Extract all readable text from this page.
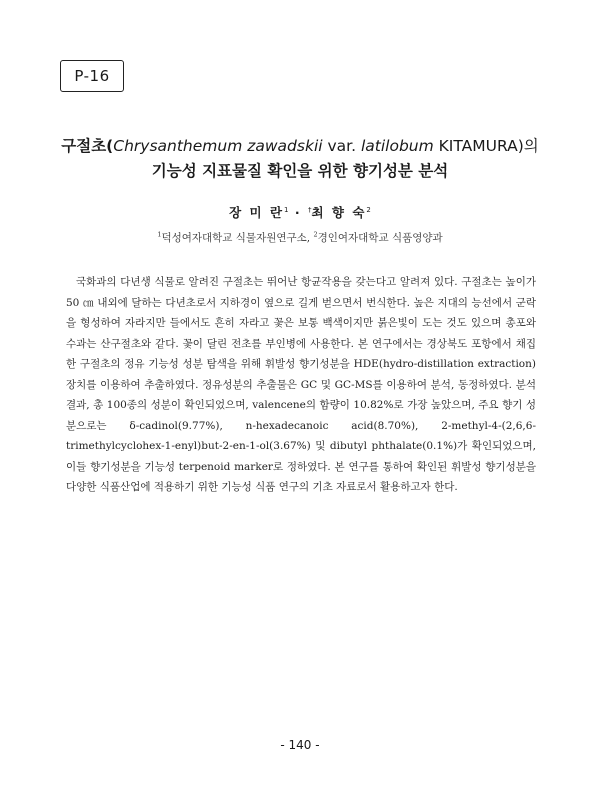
P-16
구절초(Chrysanthemum zawadskii var. latilobum KITAMURA)의
기능성 지표물질 확인을 위한 향기성분 분석
장 미 란$^1$ · †최 향 숙$^2$
$^1$덕성여자대학교 식물자원연구소, $^2$경인여자대학교 식품영양과

국화과의 다년생 식물로 알려진 구절초는 뛰어난 항균작용을 갖는다고 알려져 있다. 구절초는 높이가 50 ㎝ 내외에 달하는 다년초로서 지하경이 옆으로 길게 벋으면서 번식한다. 높은 지대의 능선에서 군락을 형성하여 자라지만 들에서도 흔히 자라고 꽃은 보통 백색이지만 붉은빛이 도는 것도 있으며 총포와 수과는 산구절초와 같다. 꽃이 달린 전초를 부인병에 사용한다. 본 연구에서는 경상북도 포항에서 채집한 구절초의 정유 기능성 성분 탐색을 위해 휘발성 향기성분을 HDE(hydro-distillation extraction) 장치를 이용하여 추출하였다. 정유성분의 추출물은 GC 및 GC-MS를 이용하여 분석, 동정하였다. 분석 결과, 총 100종의 성분이 확인되었으며, valencene의 함량이 10.82%로 가장 높았으며, 주요 향기 성분으로는 δ-cadinol(9.77%), n-hexadecanoic acid(8.70%), 2-methyl-4-(2,6,6-trimethylcyclohex-1-enyl)but-2-en-1-ol(3.67%) 및 dibutyl phthalate(0.1%)가 확인되었으며, 이들 향기성분을 기능성 terpenoid marker로 정하였다. 본 연구를 통하여 확인된 휘발성 향기성분을 다양한 식품산업에 적용하기 위한 기능성 식품 연구의 기초 자료로서 활용하고자 한다.

- 140 -
